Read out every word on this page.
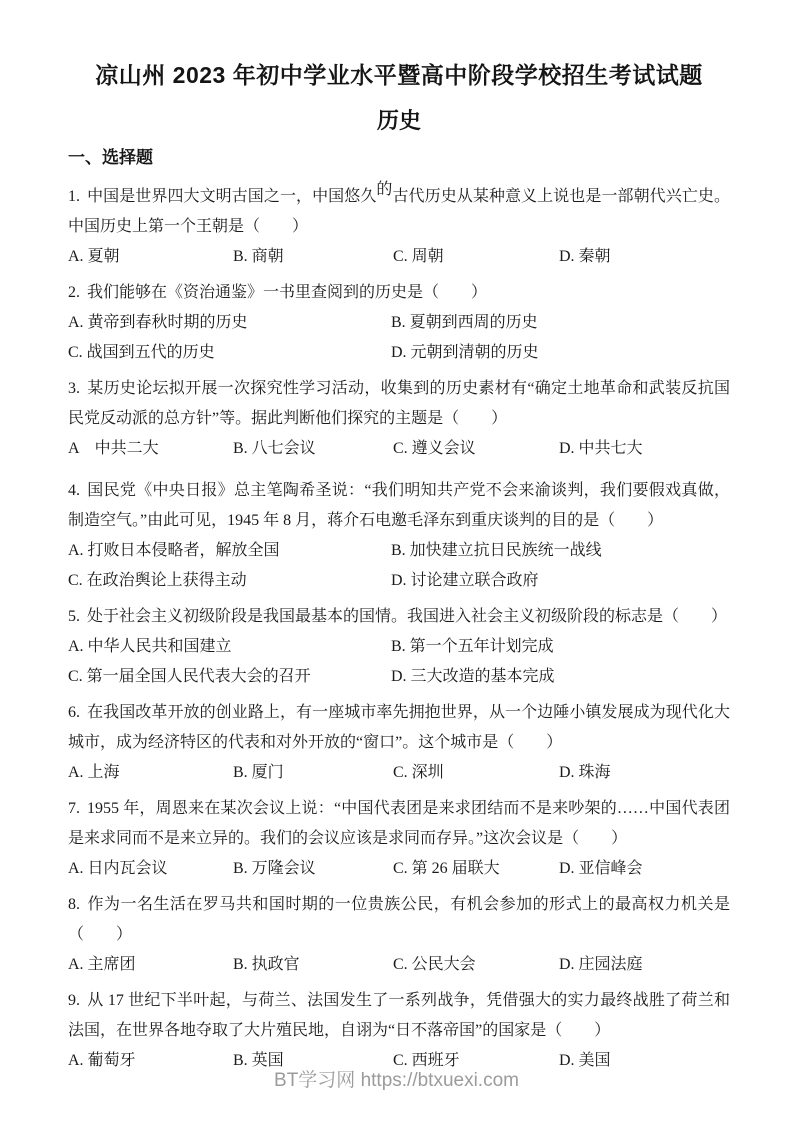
凉山州 2023 年初中学业水平暨高中阶段学校招生考试试题
历史
一、选择题

1. 中国是世界四大文明古国之一，中国悠久的古代历史从某种意义上说也是一部朝代兴亡史。中国历史上第一个王朝是（　　）

A. 夏朝	B. 商朝	C. 周朝	D. 秦朝

2. 我们能够在《资治通鉴》一书里查阅到的历史是（　　）

A. 黄帝到春秋时期的历史	B. 夏朝到西周的历史
C. 战国到五代的历史	D. 元朝到清朝的历史

3. 某历史论坛拟开展一次探究性学习活动，收集到的历史素材有“确定土地革命和武装反抗国民党反动派的总方针”等。据此判断他们探究的主题是（　　）

A　中共二大	B. 八七会议	C. 遵义会议	D. 中共七大

4. 国民党《中央日报》总主笔陶希圣说：“我们明知共产党不会来渝谈判，我们要假戏真做，制造空气。”由此可见，1945 年 8 月，蒋介石电邀毛泽东到重庆谈判的目的是（　　）

A. 打败日本侵略者，解放全国	B. 加快建立抗日民族统一战线
C. 在政治舆论上获得主动	D. 讨论建立联合政府

5. 处于社会主义初级阶段是我国最基本的国情。我国进入社会主义初级阶段的标志是（　　）

A. 中华人民共和国建立	B. 第一个五年计划完成
C. 第一届全国人民代表大会的召开	D. 三大改造的基本完成

6. 在我国改革开放的创业路上，有一座城市率先拥抱世界，从一个边陲小镇发展成为现代化大城市，成为经济特区的代表和对外开放的“窗口”。这个城市是（　　）

A. 上海	B. 厦门	C. 深圳	D. 珠海

7. 1955 年，周恩来在某次会议上说：“中国代表团是来求团结而不是来吵架的……中国代表团是来求同而不是来立异的。我们的会议应该是求同而存异。”这次会议是（　　）

A. 日内瓦会议	B. 万隆会议	C. 第 26 届联大	D. 亚信峰会

8. 作为一名生活在罗马共和国时期的一位贵族公民，有机会参加的形式上的最高权力机关是（　　）

A. 主席团	B. 执政官	C. 公民大会	D. 庄园法庭

9. 从 17 世纪下半叶起，与荷兰、法国发生了一系列战争，凭借强大的实力最终战胜了荷兰和法国，在世界各地夺取了大片殖民地，自诩为“日不落帝国”的国家是（　　）

A. 葡萄牙	B. 英国	C. 西班牙	D. 美国
BT学习网 https://btxuexi.com
